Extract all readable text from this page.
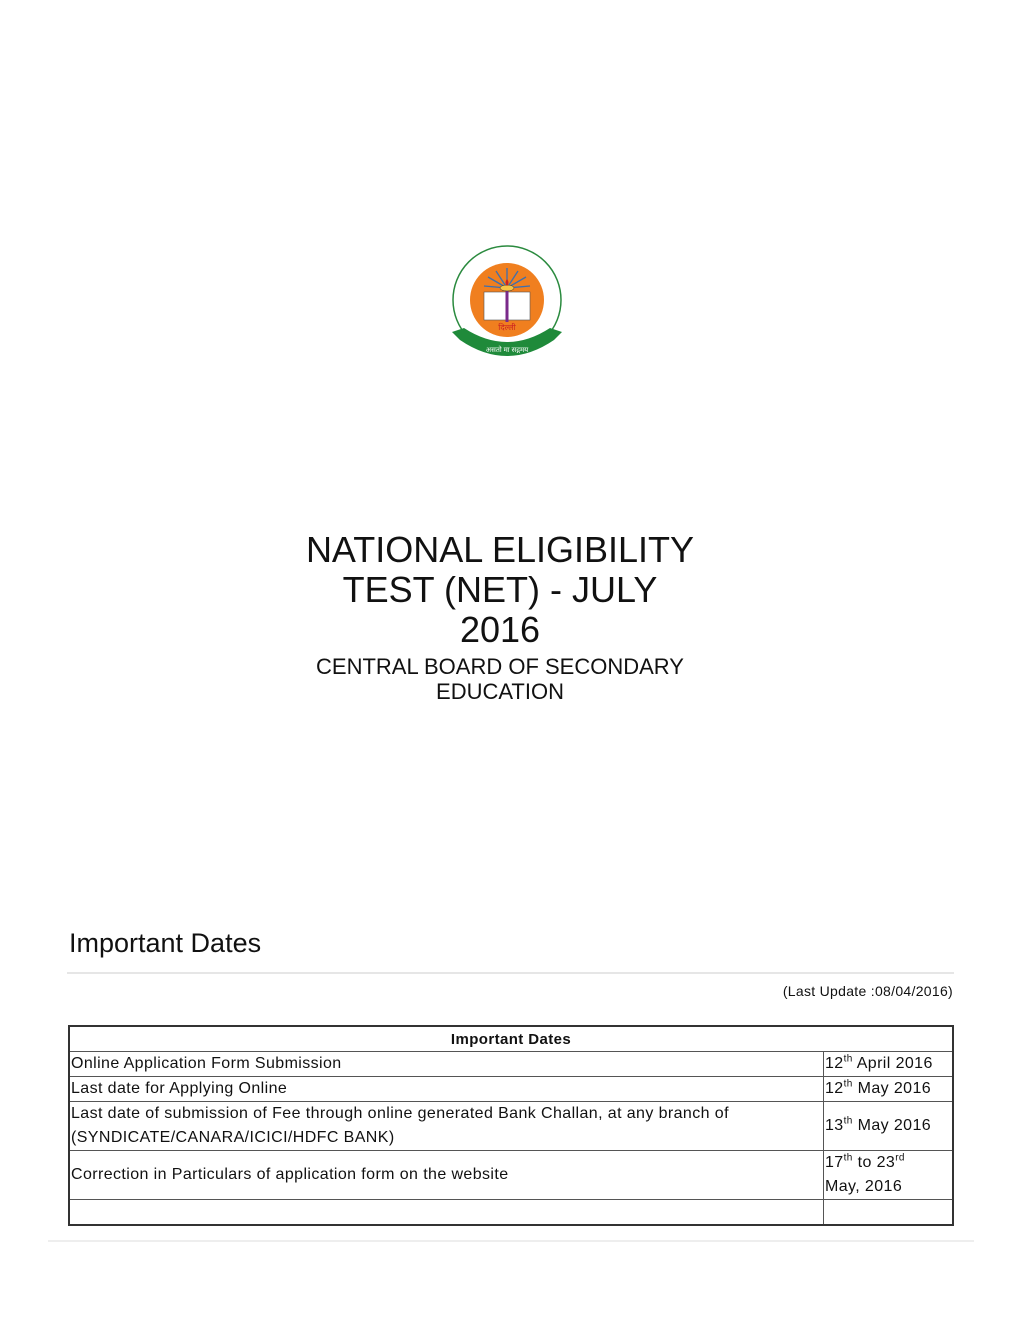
दिल्ली
असतो मा सद्गमय
NATIONAL ELIGIBILITY
TEST (NET) - JULY
2016
CENTRAL BOARD OF SECONDARY
EDUCATION
Important Dates
(Last Update :08/04/2016)
Important Dates	
Online Application Form Submission	12th April 2016
Last date for Applying Online	12th May 2016

Last date of submission of Fee through online generated Bank Challan, at any branch of
(SYNDICATE/CANARA/ICICI/HDFC BANK)	13th May 2016
Correction in Particulars of application form on the website	17th to 23rd
May, 2016
